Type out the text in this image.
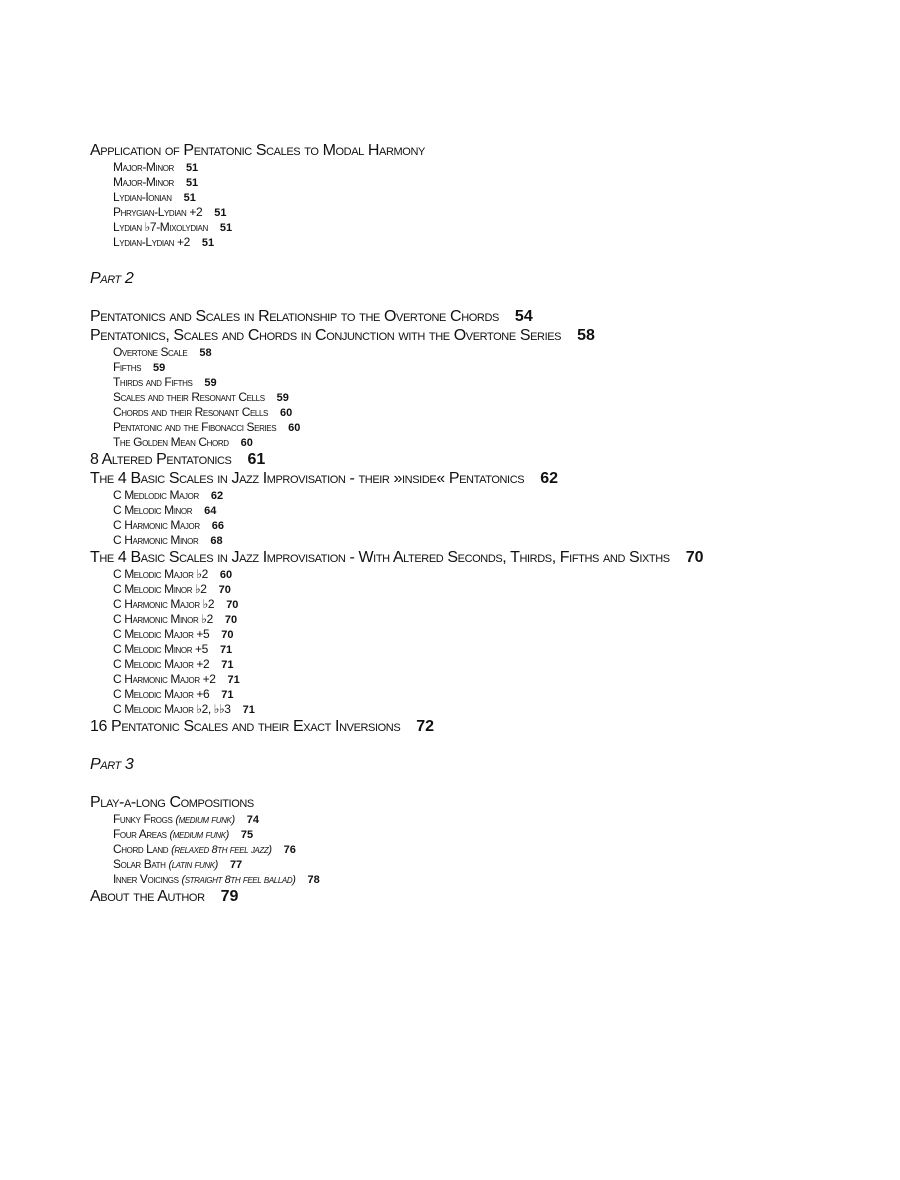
Application of Pentatonic Scales to Modal Harmony
Major-Minor 51
Major-Minor 51
Lydian-Ionian 51
Phrygian-Lydian +2 51
Lydian ♭7-Mixolydian 51
Lydian-Lydian +2 51
Part 2
Pentatonics and Scales in Relationship to the Overtone Chords 54
Pentatonics, Scales and Chords in Conjunction with the Overtone Series 58
Overtone Scale 58
Fifths 59
Thirds and Fifths 59
Scales and their Resonant Cells 59
Chords and their Resonant Cells 60
Pentatonic and the Fibonacci Series 60
The Golden Mean Chord 60
8 Altered Pentatonics 61
The 4 Basic Scales in Jazz Improvisation - their »inside« Pentatonics 62
C Medlodic Major 62
C Melodic Minor 64
C Harmonic Major 66
C Harmonic Minor 68
The 4 Basic Scales in Jazz Improvisation - With Altered Seconds, Thirds, Fifths and Sixths 70
C Melodic Major ♭2 60
C Melodic Minor ♭2 70
C Harmonic Major ♭2 70
C Harmonic Minor ♭2 70
C Melodic Major +5 70
C Melodic Minor +5 71
C Melodic Major +2 71
C Harmonic Major +2 71
C Melodic Major +6 71
C Melodic Major ♭2, ♭♭3 71
16 Pentatonic Scales and their Exact Inversions 72
Part 3
Play-a-long Compositions
Funky Frogs (medium funk) 74
Four Areas (medium funk) 75
Chord Land (relaxed 8th feel jazz) 76
Solar Bath (latin funk) 77
Inner Voicings (straight 8th feel ballad) 78
About the Author 79
